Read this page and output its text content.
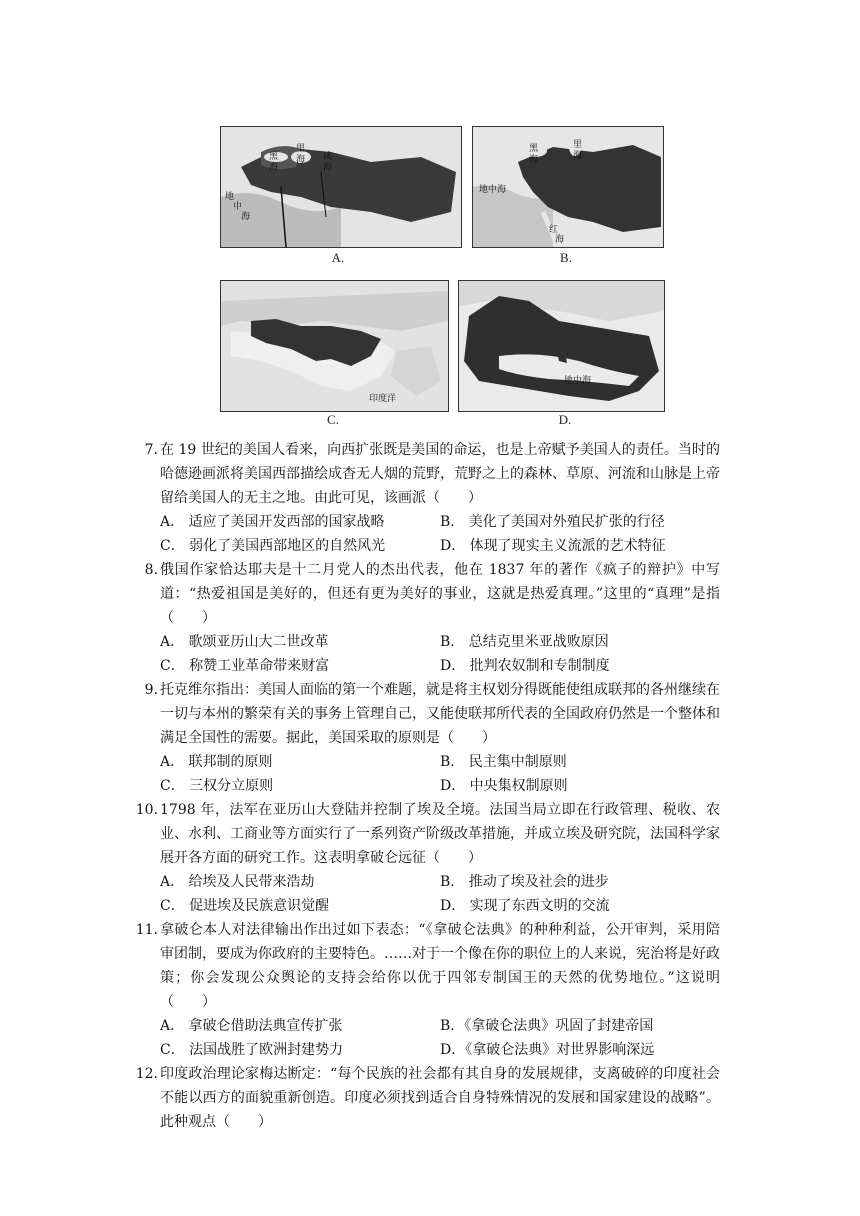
里
海 咸
海
黑
海
地
中
海
A.
里
海
黑
海
地中海
红
海
B.
印度洋
C.
地中海
D.
7. 在 19 世纪的美国人看来，向西扩张既是美国的命运，也是上帝赋予美国人的责任。当时的哈德逊画派将美国西部描绘成杳无人烟的荒野，荒野之上的森林、草原、河流和山脉是上帝留给美国人的无主之地。由此可见，该画派（　　）
A． 适应了美国开发西部的国家战略	B． 美化了美国对外殖民扩张的行径
C． 弱化了美国西部地区的自然风光	D． 体现了现实主义流派的艺术特征
8. 俄国作家恰达耶夫是十二月党人的杰出代表，他在 1837 年的著作《疯子的辩护》中写道：“热爱祖国是美好的，但还有更为美好的事业，这就是热爱真理。”这里的“真理”是指（　　）
A． 歌颂亚历山大二世改革	B． 总结克里米亚战败原因
C． 称赞工业革命带来财富	D． 批判农奴制和专制制度
9. 托克维尔指出：美国人面临的第一个难题，就是将主权划分得既能使组成联邦的各州继续在一切与本州的繁荣有关的事务上管理自己，又能使联邦所代表的全国政府仍然是一个整体和满足全国性的需要。据此，美国采取的原则是（　　）
A． 联邦制的原则	B． 民主集中制原则
C． 三权分立原则	D． 中央集权制原则
10. 1798 年，法军在亚历山大登陆并控制了埃及全境。法国当局立即在行政管理、税收、农业、水利、工商业等方面实行了一系列资产阶级改革措施，并成立埃及研究院，法国科学家展开各方面的研究工作。这表明拿破仑远征（　　）
A． 给埃及人民带来浩劫	B． 推动了埃及社会的进步
C． 促进埃及民族意识觉醒	D． 实现了东西文明的交流
11. 拿破仑本人对法律输出作出过如下表态：“《拿破仑法典》的种种利益，公开审判，采用陪审团制，要成为你政府的主要特色。……对于一个像在你的职位上的人来说，宪治将是好政策；你会发现公众舆论的支持会给你以优于四邻专制国王的天然的优势地位。”这说明（　　）
A． 拿破仑借助法典宣传扩张	B．《拿破仑法典》巩固了封建帝国
C． 法国战胜了欧洲封建势力	D．《拿破仑法典》对世界影响深远
12. 印度政治理论家梅达断定：“每个民族的社会都有其自身的发展规律，支离破碎的印度社会不能以西方的面貌重新创造。印度必须找到适合自身特殊情况的发展和国家建设的战略”。此种观点（　　）
